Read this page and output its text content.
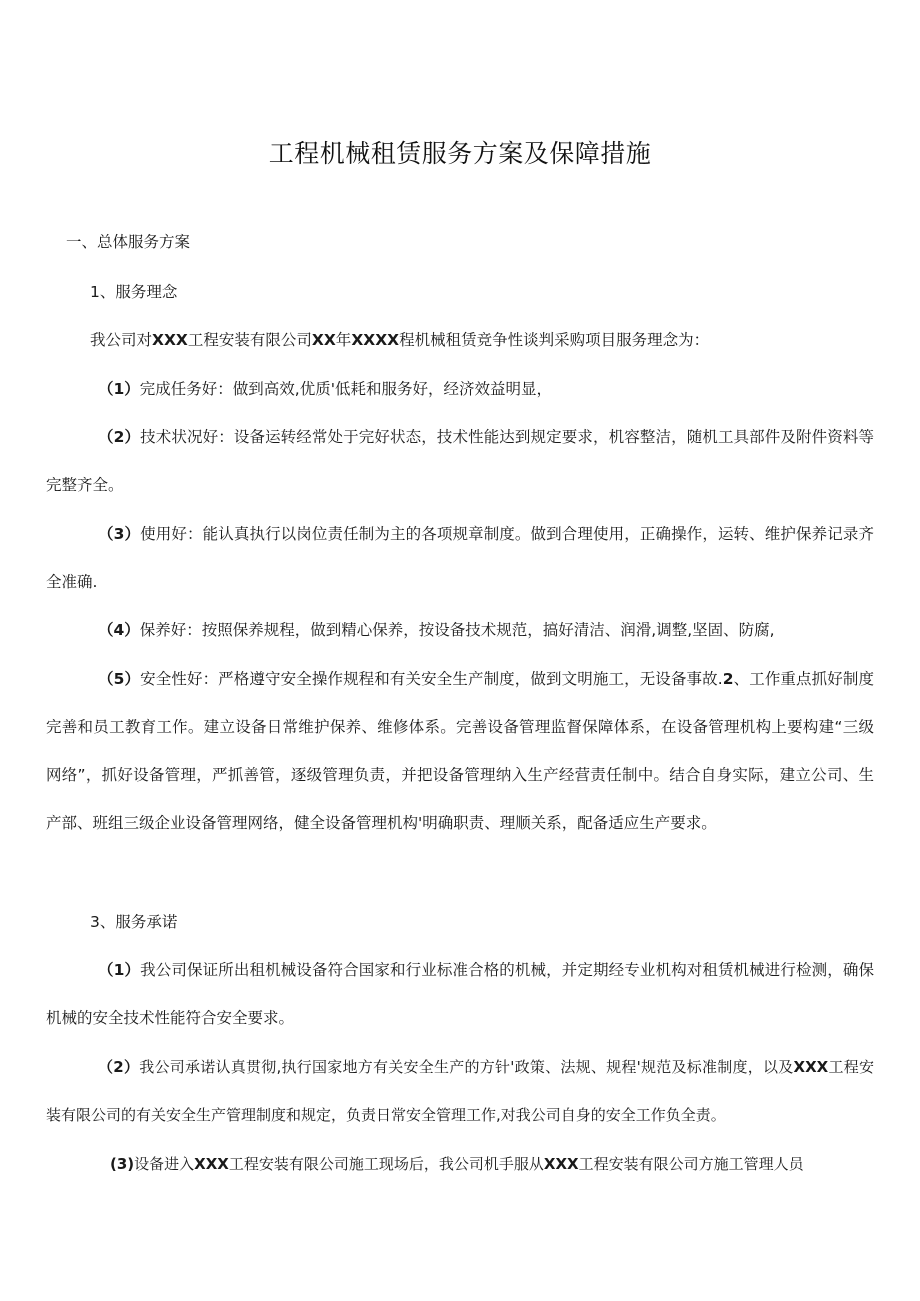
工程机械租赁服务方案及保障措施
一、总体服务方案
1、服务理念
我公司对XXX工程安装有限公司XX年XXXX程机械租赁竞争性谈判采购项目服务理念为：
（1）完成任务好：做到高效,优质'低耗和服务好，经济效益明显，
（2）技术状况好：设备运转经常处于完好状态，技术性能达到规定要求，机容整洁，随机工具部件及附件资料等完整齐全。
（3）使用好：能认真执行以岗位责任制为主的各项规章制度。做到合理使用，正确操作，运转、维护保养记录齐全准确.
（4）保养好：按照保养规程，做到精心保养，按设备技术规范，搞好清洁、润滑,调整,坚固、防腐,
（5）安全性好：严格遵守安全操作规程和有关安全生产制度，做到文明施工，无设备事故.2、工作重点抓好制度完善和员工教育工作。建立设备日常维护保养、维修体系。完善设备管理监督保障体系，在设备管理机构上要构建“三级网络”，抓好设备管理，严抓善管，逐级管理负责，并把设备管理纳入生产经营责任制中。结合自身实际，建立公司、生产部、班组三级企业设备管理网络，健全设备管理机构'明确职责、理顺关系，配备适应生产要求。
3、服务承诺
（1）我公司保证所出租机械设备符合国家和行业标准合格的机械，并定期经专业机构对租赁机械进行检测，确保机械的安全技术性能符合安全要求。
（2）我公司承诺认真贯彻,执行国家地方有关安全生产的方针'政策、法规、规程'规范及标准制度，以及XXX工程安装有限公司的有关安全生产管理制度和规定，负责日常安全管理工作,对我公司自身的安全工作负全责。
(3)设备进入XXX工程安装有限公司施工现场后，我公司机手服从XXX工程安装有限公司方施工管理人员
